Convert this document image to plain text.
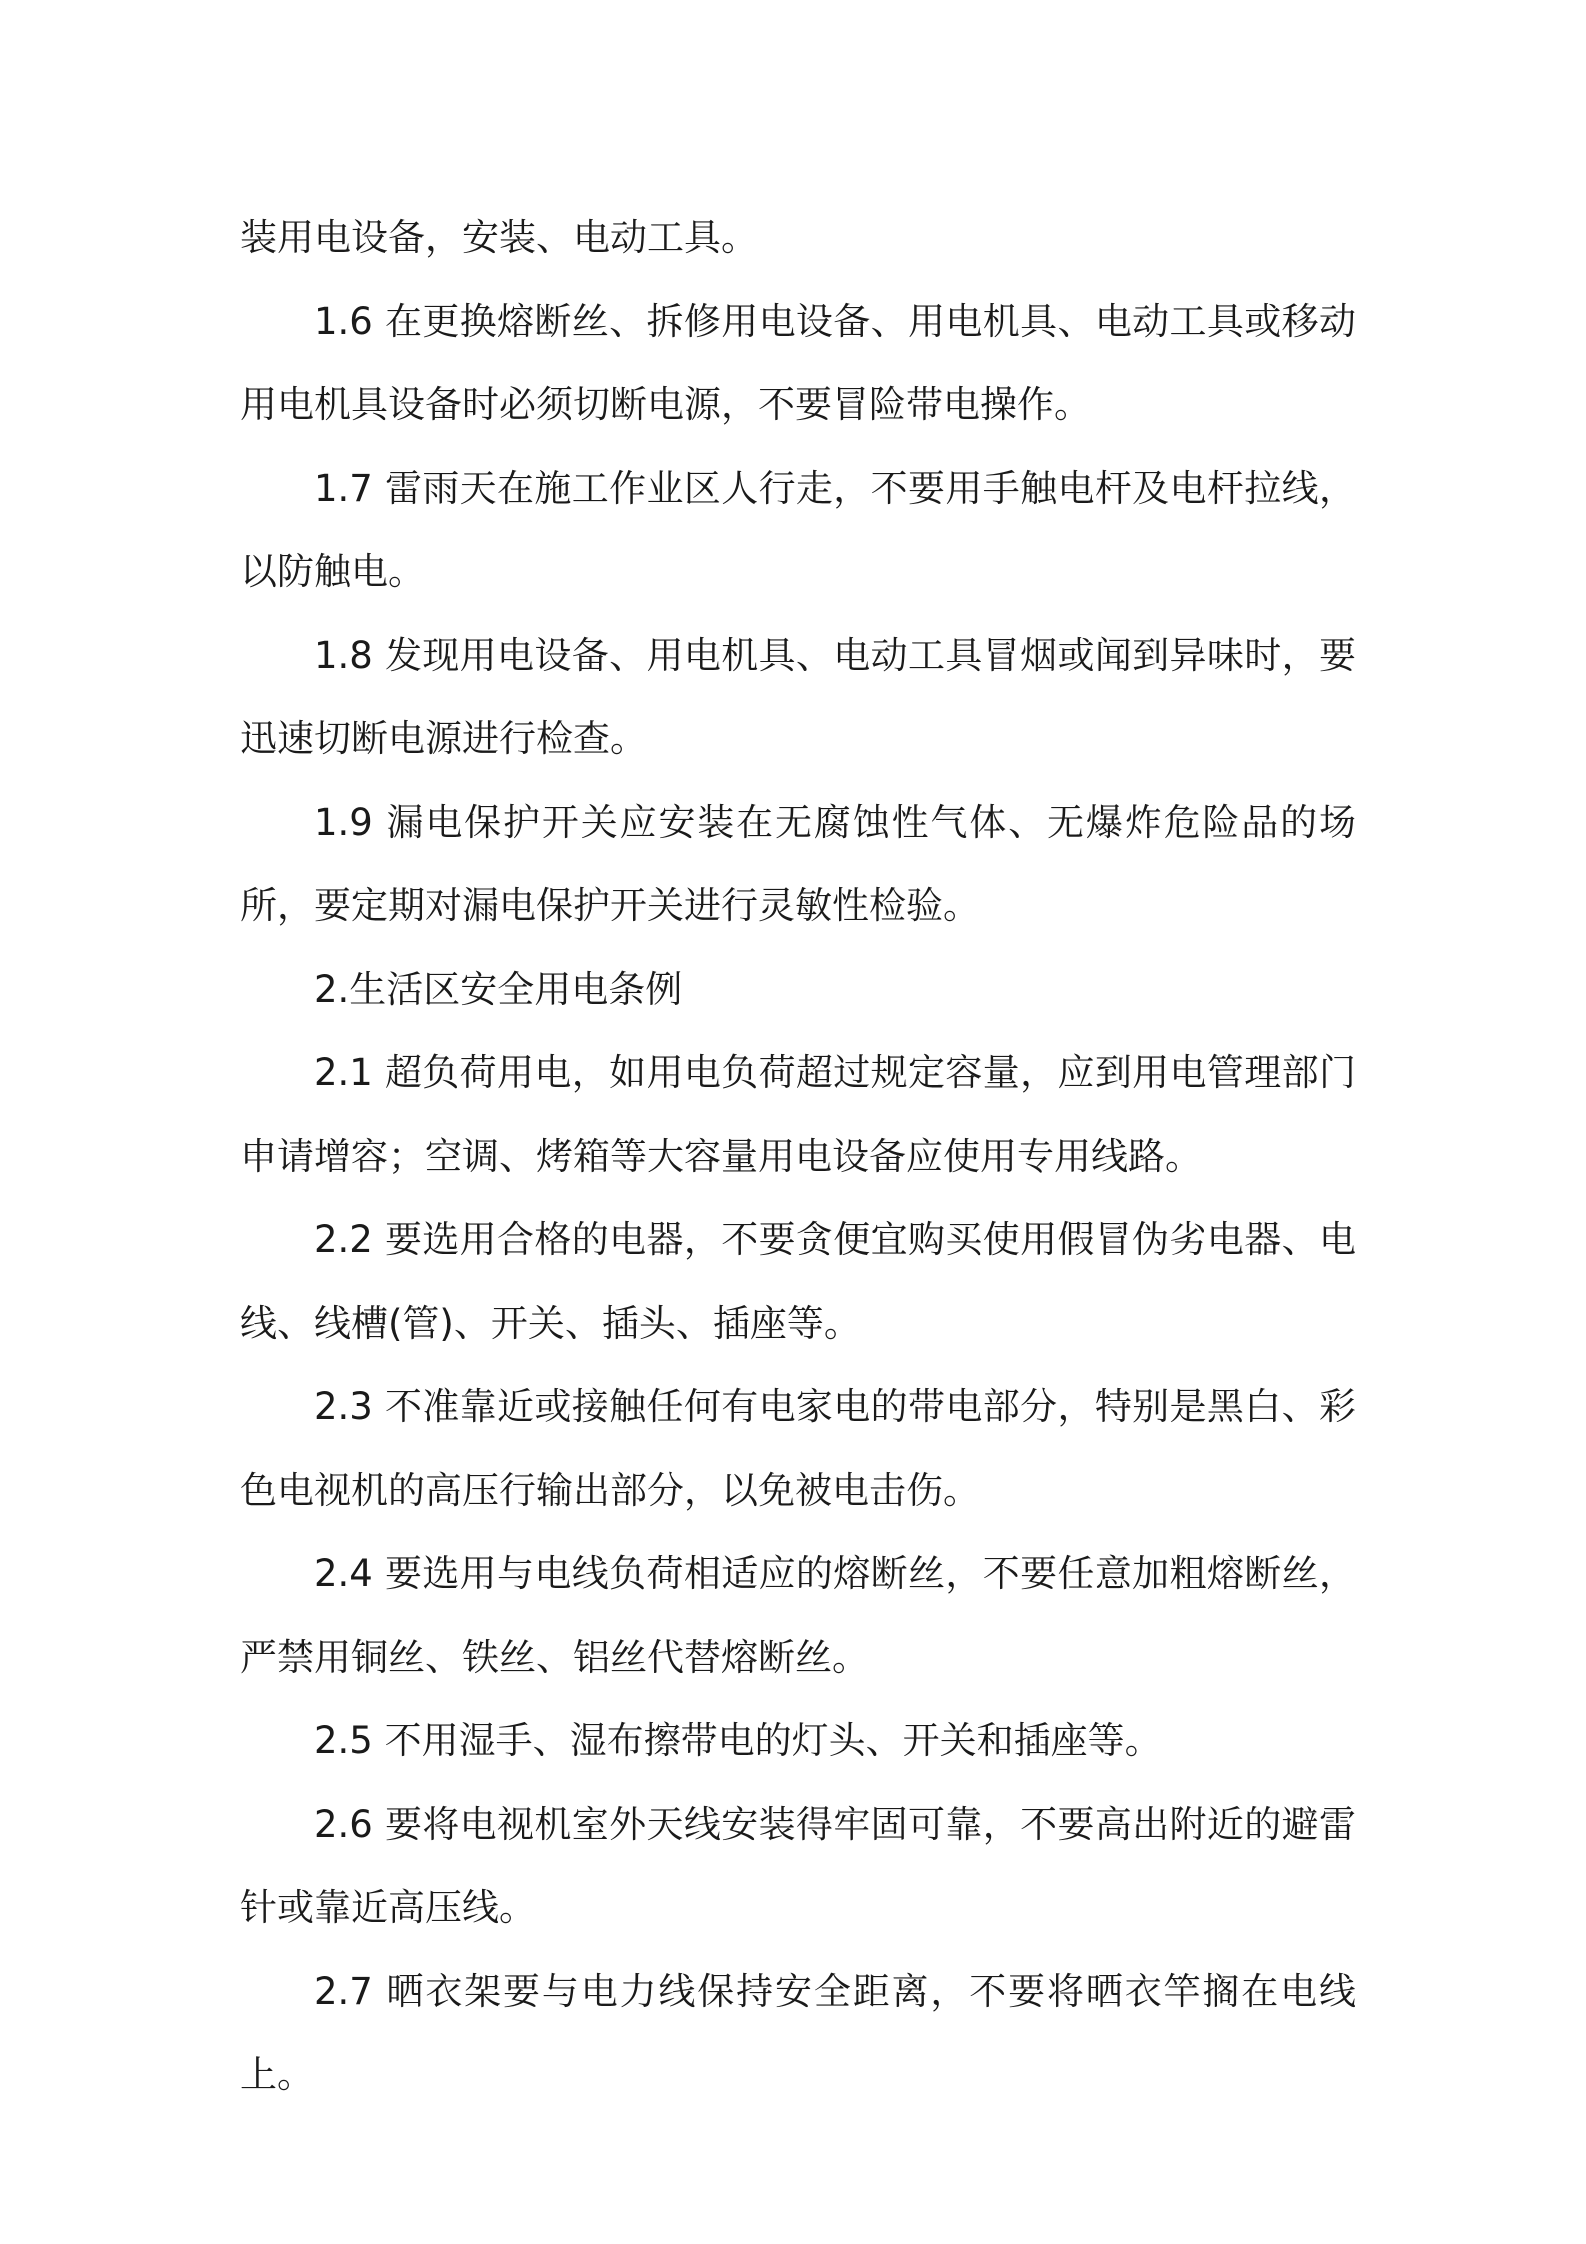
装用电设备，安装、电动工具。

1.6 在更换熔断丝、拆修用电设备、用电机具、电动工具或移动用电机具设备时必须切断电源，不要冒险带电操作。

1.7 雷雨天在施工作业区人行走，不要用手触电杆及电杆拉线，以防触电。

1.8 发现用电设备、用电机具、电动工具冒烟或闻到异味时，要迅速切断电源进行检查。

1.9 漏电保护开关应安装在无腐蚀性气体、无爆炸危险品的场所，要定期对漏电保护开关进行灵敏性检验。

2.生活区安全用电条例

2.1 超负荷用电，如用电负荷超过规定容量，应到用电管理部门申请增容；空调、烤箱等大容量用电设备应使用专用线路。

2.2 要选用合格的电器，不要贪便宜购买使用假冒伪劣电器、电线、线槽(管)、开关、插头、插座等。

2.3 不准靠近或接触任何有电家电的带电部分，特别是黑白、彩色电视机的高压行输出部分，以免被电击伤。

2.4 要选用与电线负荷相适应的熔断丝，不要任意加粗熔断丝，严禁用铜丝、铁丝、铝丝代替熔断丝。

2.5 不用湿手、湿布擦带电的灯头、开关和插座等。

2.6 要将电视机室外天线安装得牢固可靠，不要高出附近的避雷针或靠近高压线。

2.7 晒衣架要与电力线保持安全距离，不要将晒衣竿搁在电线上。
